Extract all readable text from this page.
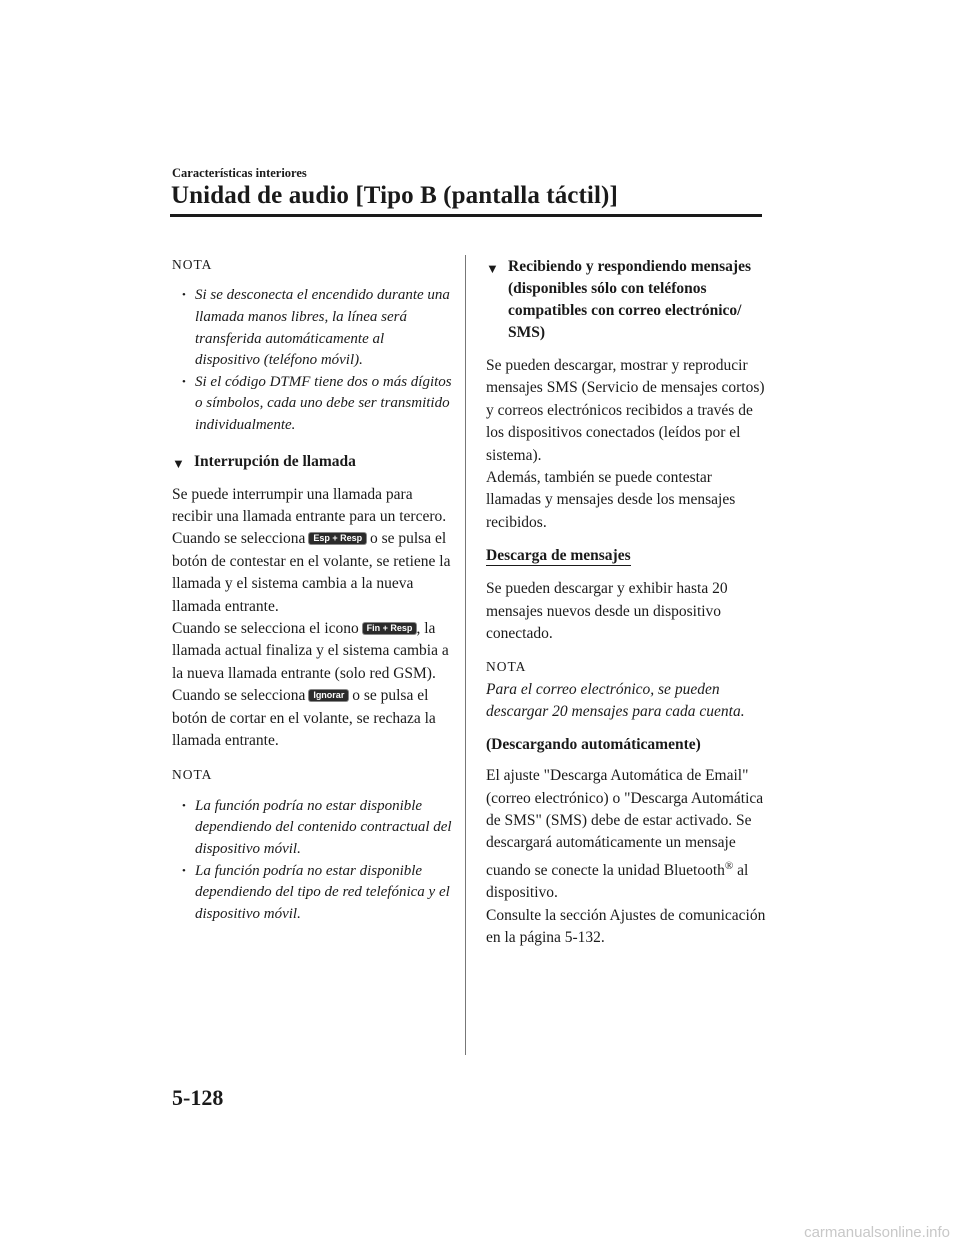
Características interiores
Unidad de audio [Tipo B (pantalla táctil)]

NOTA

• Si se desconecta el encendido durante una llamada manos libres, la línea será transferida automáticamente al dispositivo (teléfono móvil).
• Si el código DTMF tiene dos o más dígitos o símbolos, cada uno debe ser transmitido individualmente.
▼ Interrupción de llamada

Se puede interrumpir una llamada para recibir una llamada entrante para un tercero.

Cuando se selecciona Esp + Resp o se pulsa el botón de contestar en el volante, se retiene la llamada y el sistema cambia a la nueva llamada entrante.

Cuando se selecciona el icono Fin + Resp , la llamada actual finaliza y el sistema cambia a la nueva llamada entrante (solo red GSM).

Cuando se selecciona Ignorar o se pulsa el botón de cortar en el volante, se rechaza la llamada entrante.

NOTA

• La función podría no estar disponible dependiendo del contenido contractual del dispositivo móvil.
• La función podría no estar disponible dependiendo del tipo de red telefónica y el dispositivo móvil.
▼ Recibiendo y respondiendo mensajes (disponibles sólo con teléfonos compatibles con correo electrónico/ SMS)

Se pueden descargar, mostrar y reproducir mensajes SMS (Servicio de mensajes cortos) y correos electrónicos recibidos a través de los dispositivos conectados (leídos por el sistema).

Además, también se puede contestar llamadas y mensajes desde los mensajes recibidos.

Descarga de mensajes

Se pueden descargar y exhibir hasta 20 mensajes nuevos desde un dispositivo conectado.

NOTA

Para el correo electrónico, se pueden descargar 20 mensajes para cada cuenta.

(Descargando automáticamente)

El ajuste "Descarga Automática de Email" (correo electrónico) o "Descarga Automática de SMS" (SMS) debe de estar activado. Se descargará automáticamente un mensaje cuando se conecte la unidad Bluetooth® al dispositivo.

Consulte la sección Ajustes de comunicación en la página 5-132.

5-128
carmanualsonline.info
